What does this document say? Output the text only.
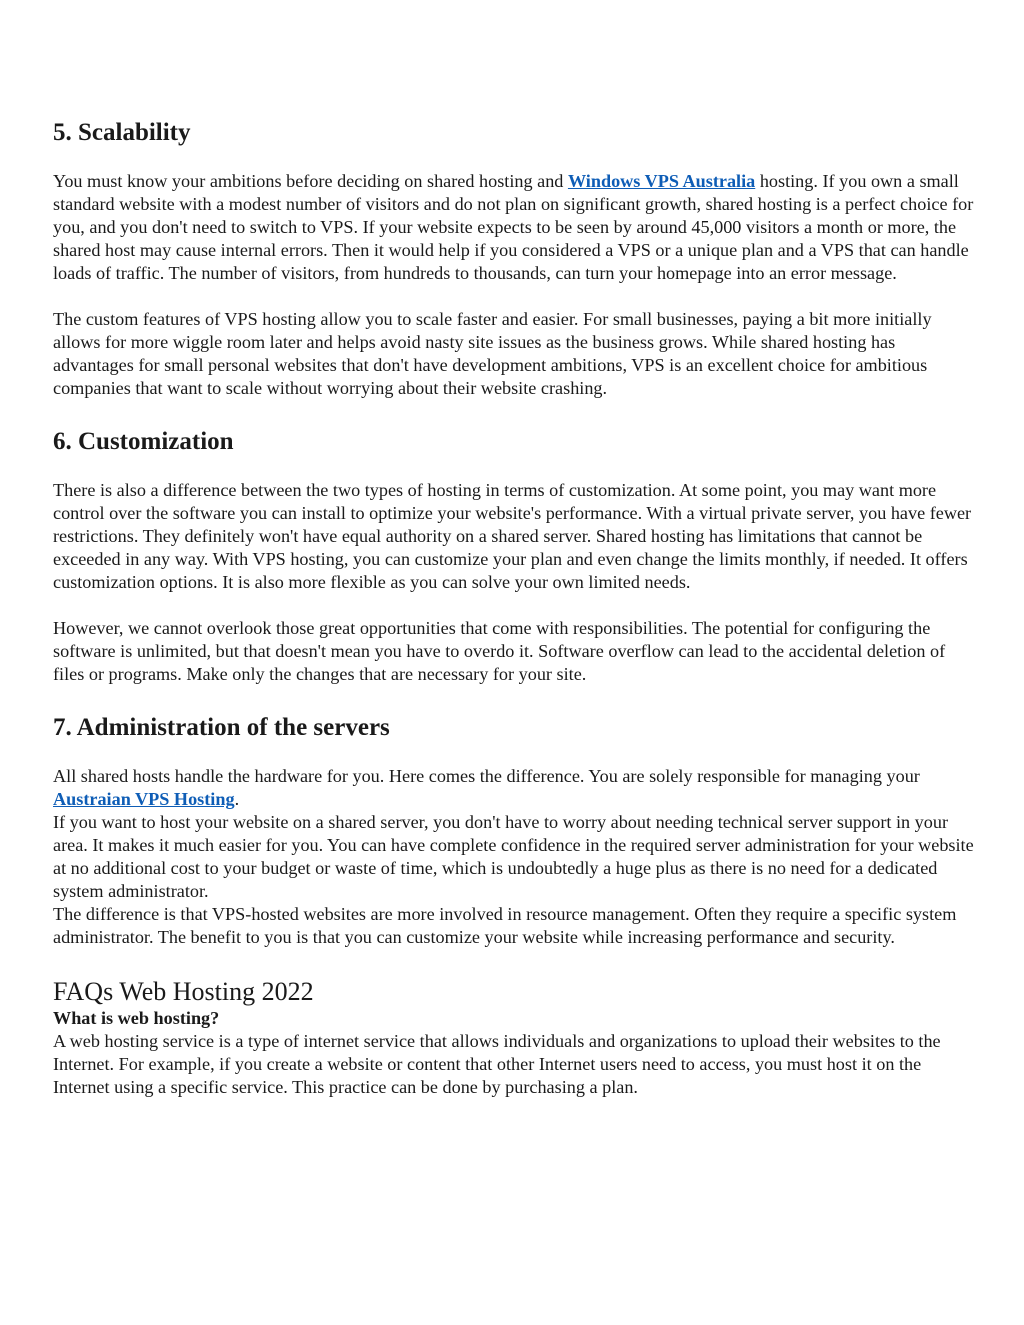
5. Scalability

You must know your ambitions before deciding on shared hosting and Windows VPS Australia hosting. If you own a small standard website with a modest number of visitors and do not plan on significant growth, shared hosting is a perfect choice for you, and you don't need to switch to VPS. If your website expects to be seen by around 45,000 visitors a month or more, the shared host may cause internal errors. Then it would help if you considered a VPS or a unique plan and a VPS that can handle loads of traffic. The number of visitors, from hundreds to thousands, can turn your homepage into an error message.

The custom features of VPS hosting allow you to scale faster and easier. For small businesses, paying a bit more initially allows for more wiggle room later and helps avoid nasty site issues as the business grows. While shared hosting has advantages for small personal websites that don't have development ambitions, VPS is an excellent choice for ambitious companies that want to scale without worrying about their website crashing.

6. Customization

There is also a difference between the two types of hosting in terms of customization. At some point, you may want more control over the software you can install to optimize your website's performance. With a virtual private server, you have fewer restrictions. They definitely won't have equal authority on a shared server. Shared hosting has limitations that cannot be exceeded in any way. With VPS hosting, you can customize your plan and even change the limits monthly, if needed. It offers customization options. It is also more flexible as you can solve your own limited needs.

However, we cannot overlook those great opportunities that come with responsibilities. The potential for configuring the software is unlimited, but that doesn't mean you have to overdo it. Software overflow can lead to the accidental deletion of files or programs. Make only the changes that are necessary for your site.

7. Administration of the servers

All shared hosts handle the hardware for you. Here comes the difference. You are solely responsible for managing your Austraian VPS Hosting.

If you want to host your website on a shared server, you don't have to worry about needing technical server support in your area. It makes it much easier for you. You can have complete confidence in the required server administration for your website at no additional cost to your budget or waste of time, which is undoubtedly a huge plus as there is no need for a dedicated system administrator.

The difference is that VPS-hosted websites are more involved in resource management. Often they require a specific system administrator. The benefit to you is that you can customize your website while increasing performance and security.

FAQs Web Hosting 2022

What is web hosting?

A web hosting service is a type of internet service that allows individuals and organizations to upload their websites to the Internet. For example, if you create a website or content that other Internet users need to access, you must host it on the Internet using a specific service. This practice can be done by purchasing a plan.
